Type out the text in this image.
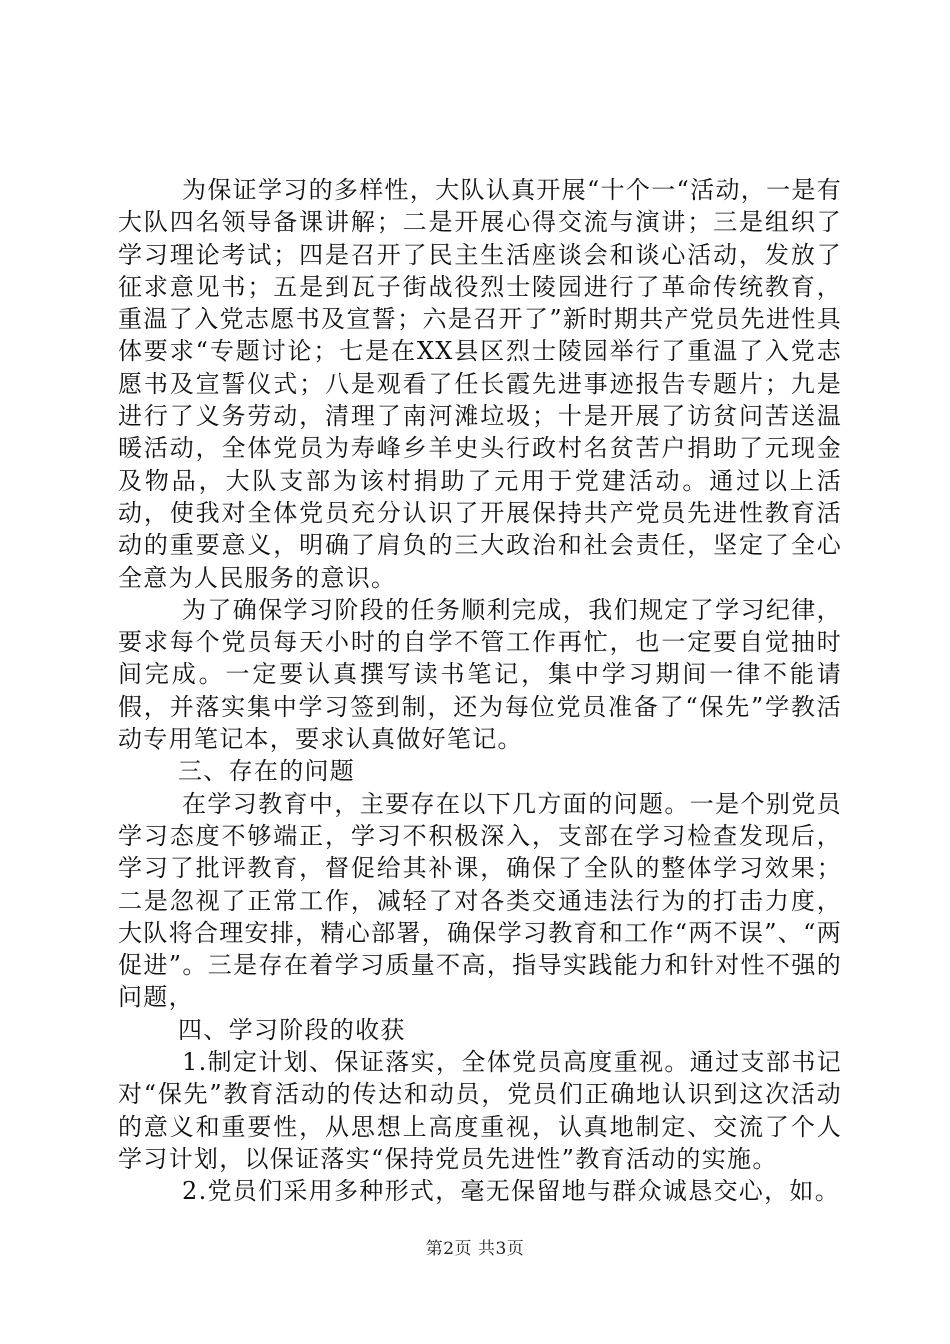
为保证学习的多样性，大队认真开展“十个一“活动，一是有大队四名领导备课讲解；二是开展心得交流与演讲；三是组织了学习理论考试；四是召开了民主生活座谈会和谈心活动，发放了征求意见书；五是到瓦子街战役烈士陵园进行了革命传统教育，重温了入党志愿书及宣誓；六是召开了”新时期共产党员先进性具体要求“专题讨论；七是在XX县区烈士陵园举行了重温了入党志愿书及宣誓仪式；八是观看了任长霞先进事迹报告专题片；九是进行了义务劳动，清理了南河滩垃圾；十是开展了访贫问苦送温暖活动，全体党员为寿峰乡羊史头行政村名贫苦户捐助了元现金及物品，大队支部为该村捐助了元用于党建活动。通过以上活动，使我对全体党员充分认识了开展保持共产党员先进性教育活动的重要意义，明确了肩负的三大政治和社会责任，坚定了全心全意为人民服务的意识。

为了确保学习阶段的任务顺利完成，我们规定了学习纪律，要求每个党员每天小时的自学不管工作再忙，也一定要自觉抽时间完成。一定要认真撰写读书笔记，集中学习期间一律不能请假，并落实集中学习签到制，还为每位党员准备了“保先”学教活动专用笔记本，要求认真做好笔记。

三、存在的问题

在学习教育中，主要存在以下几方面的问题。一是个别党员学习态度不够端正，学习不积极深入，支部在学习检查发现后，学习了批评教育，督促给其补课，确保了全队的整体学习效果；二是忽视了正常工作，减轻了对各类交通违法行为的打击力度，大队将合理安排，精心部署，确保学习教育和工作“两不误”、“两促进”。三是存在着学习质量不高，指导实践能力和针对性不强的问题，

四、学习阶段的收获

1.制定计划、保证落实，全体党员高度重视。通过支部书记对“保先”教育活动的传达和动员，党员们正确地认识到这次活动的意义和重要性，从思想上高度重视，认真地制定、交流了个人学习计划，以保证落实“保持党员先进性”教育活动的实施。

2.党员们采用多种形式，毫无保留地与群众诚恳交心，如。

第2页 共3页
